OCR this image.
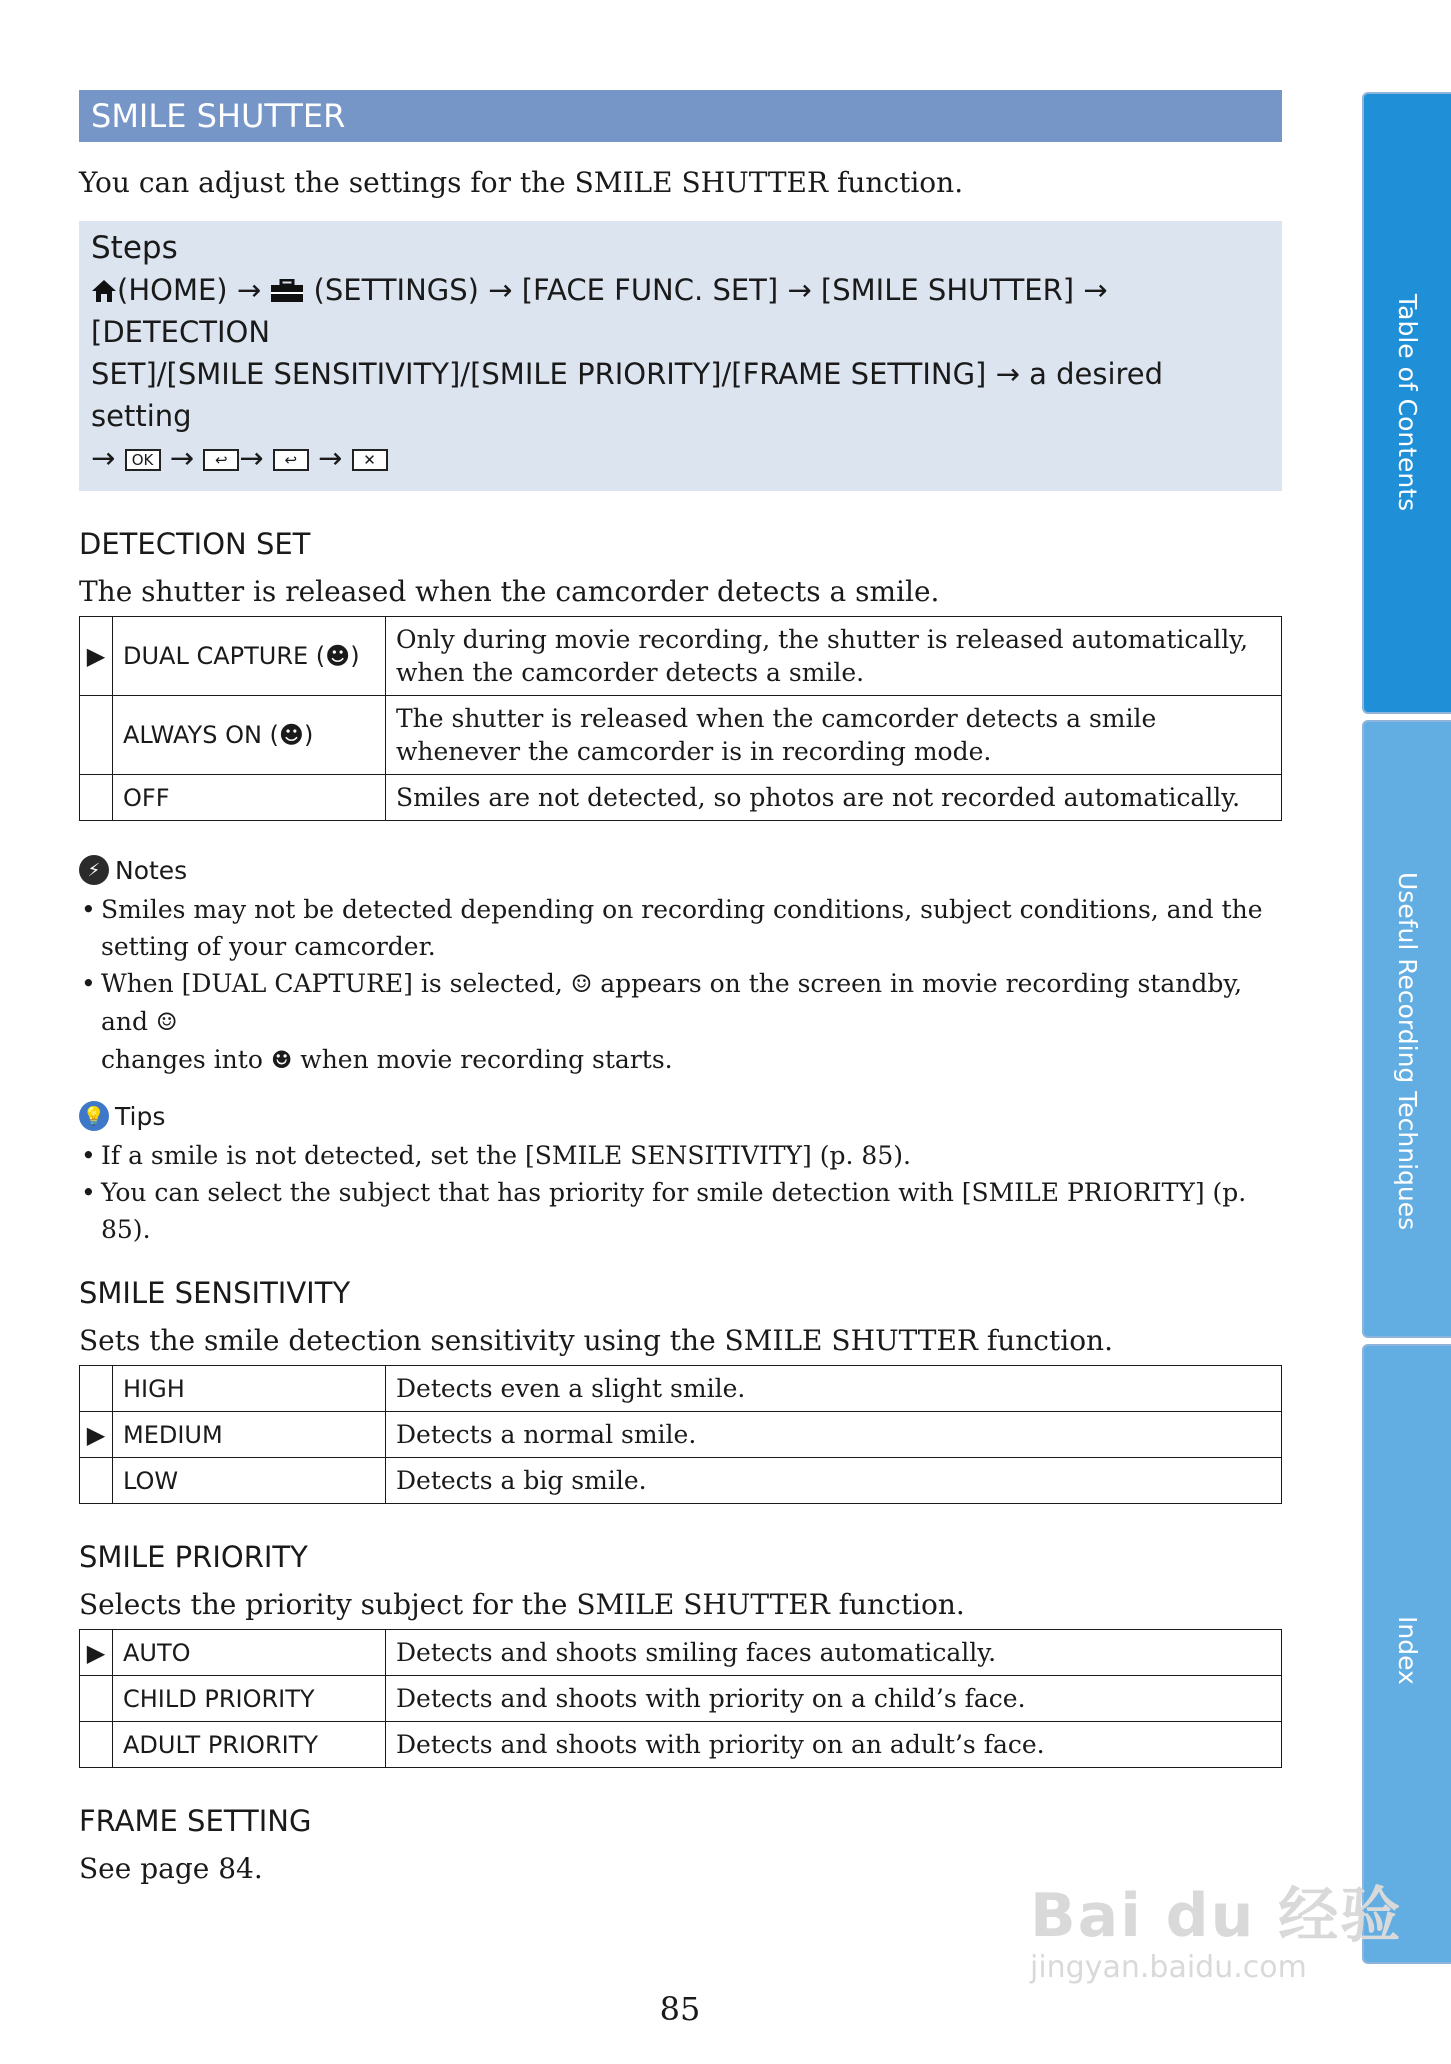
SMILE SHUTTER
You can adjust the settings for the SMILE SHUTTER function.
Steps
(HOME) →  (SETTINGS) → [FACE FUNC. SET] → [SMILE SHUTTER] → [DETECTION
SET]/[SMILE SENSITIVITY]/[SMILE PRIORITY]/[FRAME SETTING] → a desired setting
→ OK → ↩ → ↩ → ✕
DETECTION SET
The shutter is released when the camcorder detects a smile.
▶	DUAL CAPTURE (☻)	Only during movie recording, the shutter is released automatically, when the camcorder detects a smile.
	ALWAYS ON (☻)	The shutter is released when the camcorder detects a smile whenever the camcorder is in recording mode.
	OFF	Smiles are not detected, so photos are not recorded automatically.
⚡ Notes
• Smiles may not be detected depending on recording conditions, subject conditions, and the setting of your camcorder.
• When [DUAL CAPTURE] is selected, ☺ appears on the screen in movie recording standby, and ☺
changes into ☻ when movie recording starts.
💡 Tips
• If a smile is not detected, set the [SMILE SENSITIVITY] (p. 85).
• You can select the subject that has priority for smile detection with [SMILE PRIORITY] (p. 85).
SMILE SENSITIVITY
Sets the smile detection sensitivity using the SMILE SHUTTER function.
	HIGH	Detects even a slight smile.
▶	MEDIUM	Detects a normal smile.
	LOW	Detects a big smile.
SMILE PRIORITY
Selects the priority subject for the SMILE SHUTTER function.
▶	AUTO	Detects and shoots smiling faces automatically.
	CHILD PRIORITY	Detects and shoots with priority on a child’s face.
	ADULT PRIORITY	Detects and shoots with priority on an adult’s face.
FRAME SETTING
See page 84.
Table of Contents
Useful Recording Techniques
Index
85
Bai du 经验
jingyan.baidu.com
